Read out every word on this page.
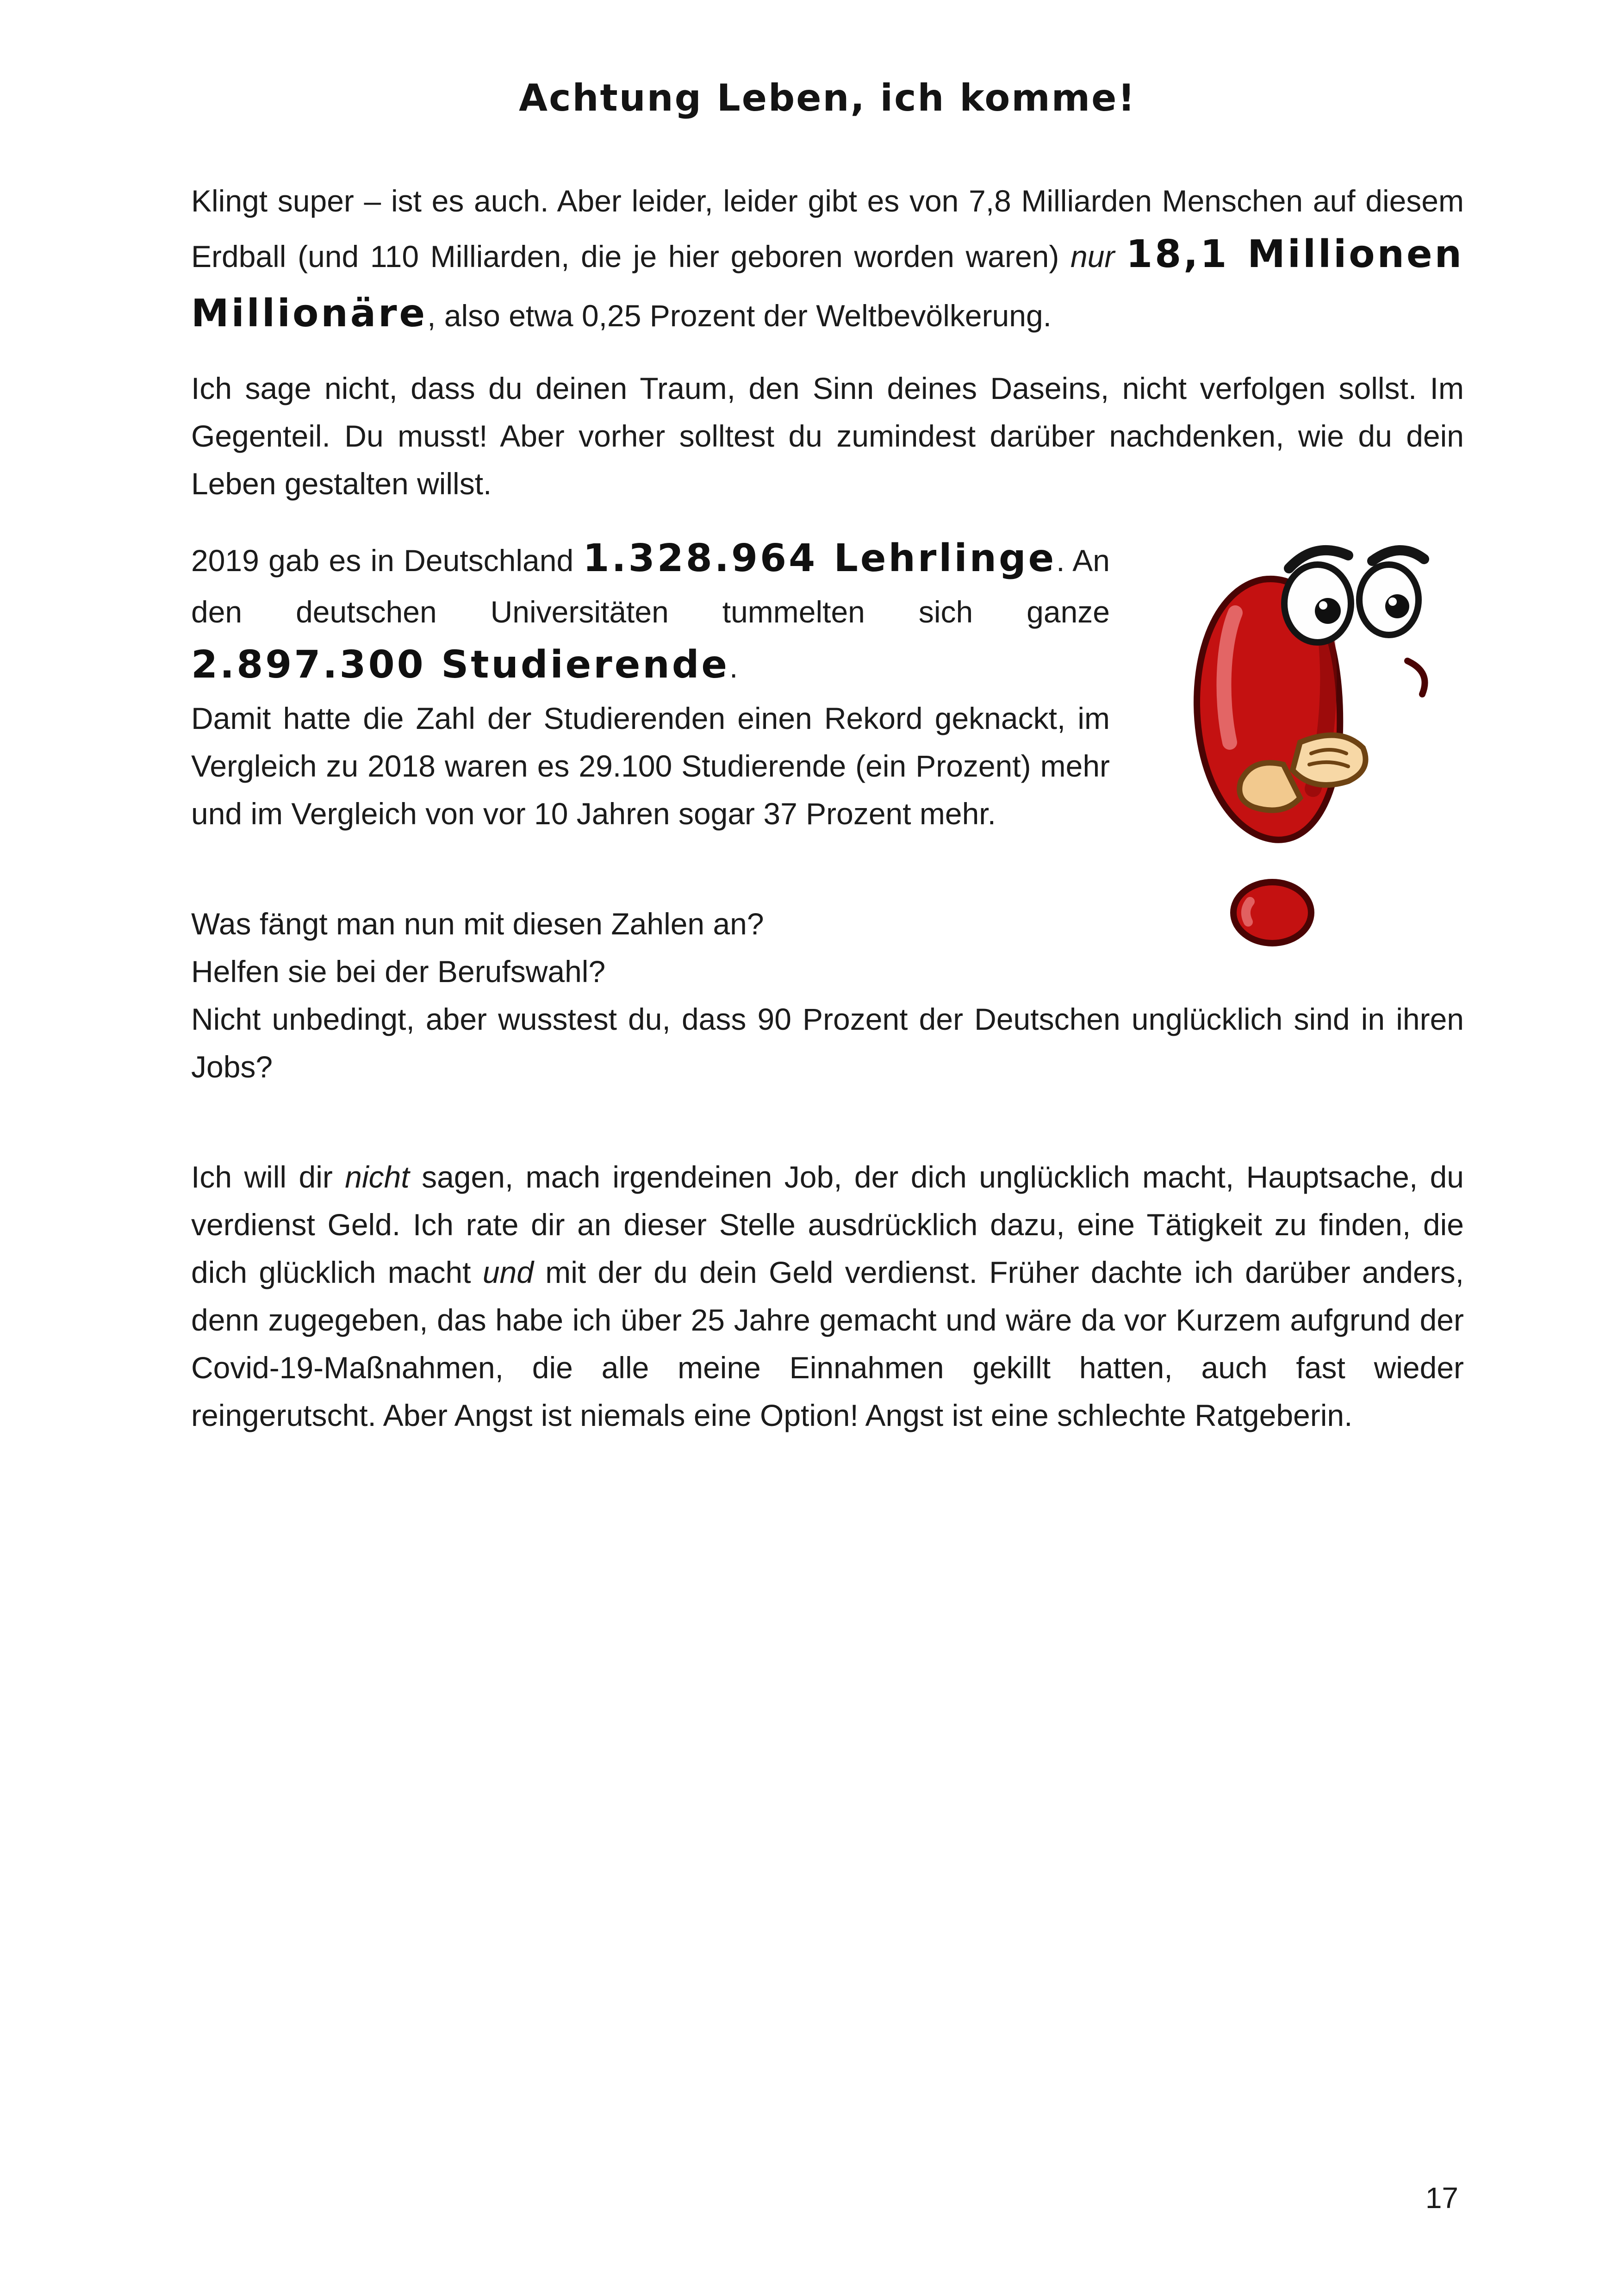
Achtung Leben, ich komme!

Klingt super – ist es auch. Aber leider, leider gibt es von 7,8 Milliarden Menschen auf diesem Erdball (und 110 Milliarden, die je hier geboren worden waren) nur 18,1 Millionen Millionäre, also etwa 0,25 Prozent der Weltbevölkerung.

Ich sage nicht, dass du deinen Traum, den Sinn deines Daseins, nicht verfolgen sollst. Im Gegenteil. Du musst! Aber vorher solltest du zumindest darüber nachdenken, wie du dein Leben gestalten willst.

2019 gab es in Deutschland 1.328.964 Lehrlinge. An den deutschen Universitäten tummelten sich ganze 2.897.300 Studierende.

Damit hatte die Zahl der Studierenden einen Rekord geknackt, im Vergleich zu 2018 waren es 29.100 Studierende (ein Prozent) mehr und im Vergleich von vor 10 Jahren sogar 37 Prozent mehr.

Was fängt man nun mit diesen Zahlen an?
Helfen sie bei der Berufswahl?

Nicht unbedingt, aber wusstest du, dass 90 Prozent der Deutschen unglücklich sind in ihren Jobs?

Ich will dir nicht sagen, mach irgendeinen Job, der dich unglücklich macht, Hauptsache, du verdienst Geld. Ich rate dir an dieser Stelle ausdrücklich dazu, eine Tätigkeit zu finden, die dich glücklich macht und mit der du dein Geld verdienst. Früher dachte ich darüber anders, denn zugegeben, das habe ich über 25 Jahre gemacht und wäre da vor Kurzem aufgrund der Covid-19-Maßnahmen, die alle meine Einnahmen gekillt hatten, auch fast wieder reingerutscht. Aber Angst ist niemals eine Option! Angst ist eine schlechte Ratgeberin.

17
